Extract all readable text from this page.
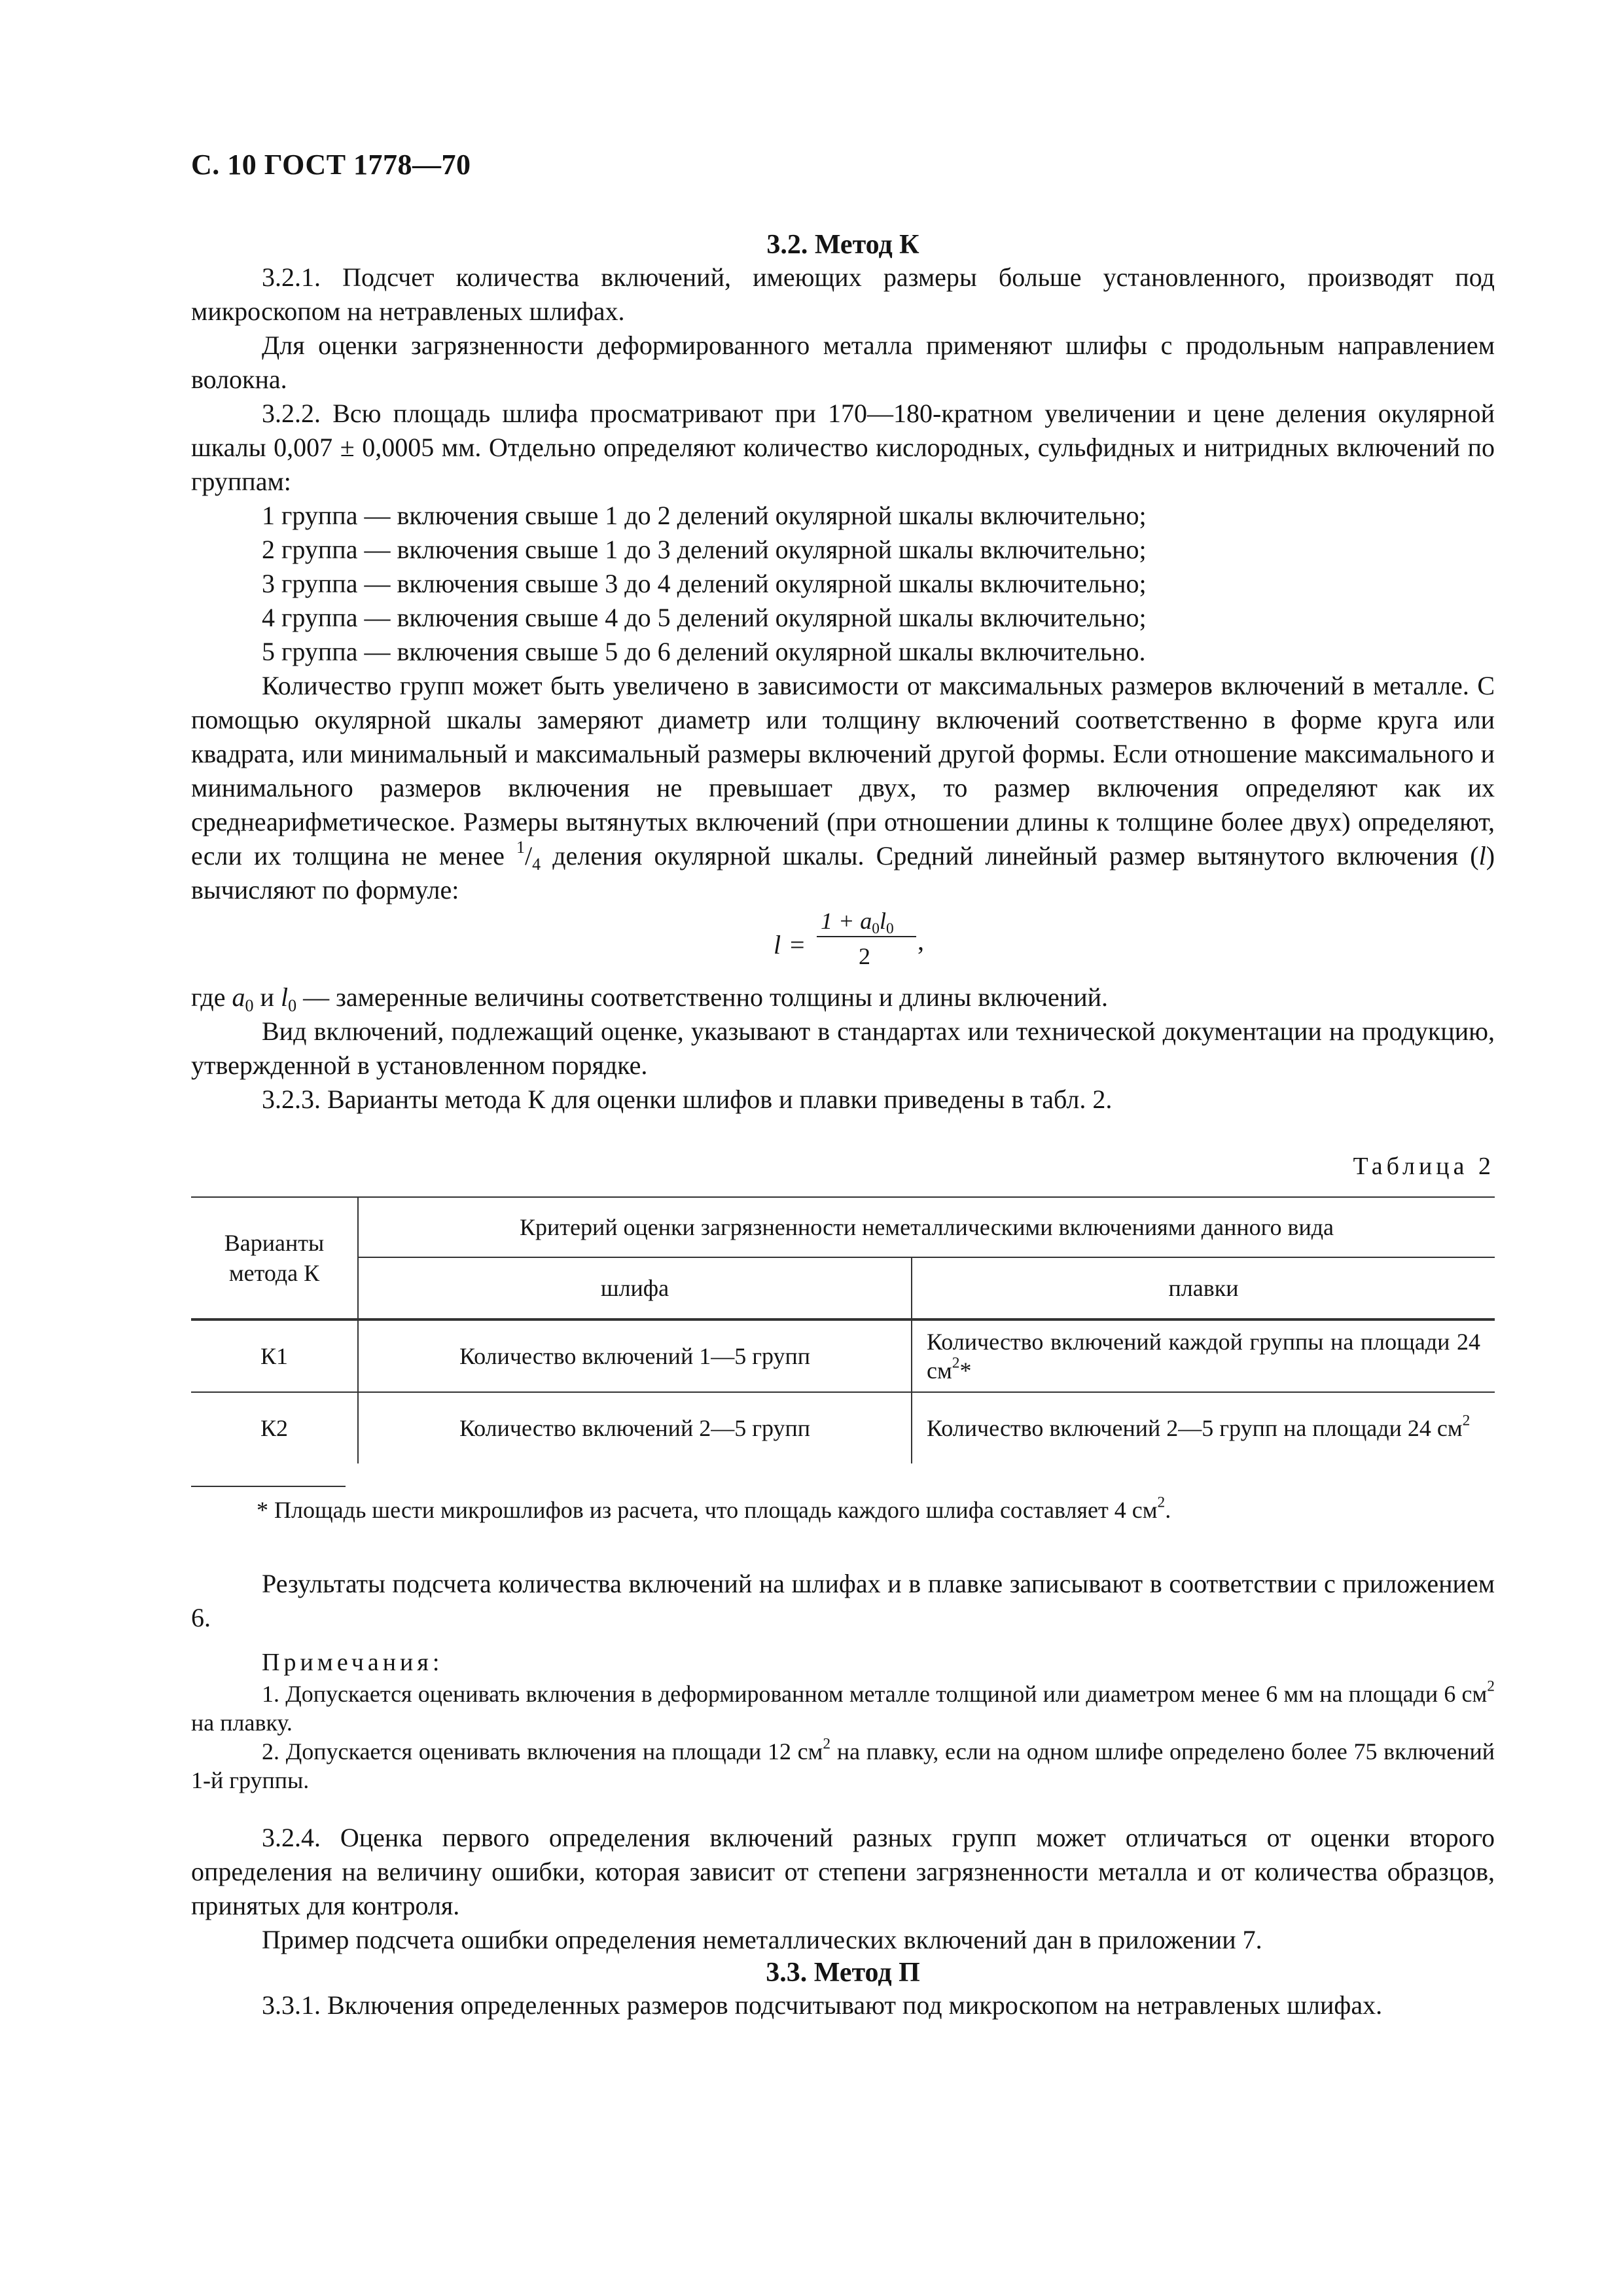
С. 10 ГОСТ 1778—70
3.2. Метод К

3.2.1. Подсчет количества включений, имеющих размеры больше установленного, производят под микроскопом на нетравленых шлифах.

Для оценки загрязненности деформированного металла применяют шлифы с продольным направлением волокна.

3.2.2. Всю площадь шлифа просматривают при 170—180-кратном увеличении и цене деления окулярной шкалы 0,007 ± 0,0005 мм. Отдельно определяют количество кислородных, сульфидных и нитридных включений по группам:

1 группа — включения свыше 1 до 2 делений окулярной шкалы включительно;

2 группа — включения свыше 1 до 3 делений окулярной шкалы включительно;

3 группа — включения свыше 3 до 4 делений окулярной шкалы включительно;

4 группа — включения свыше 4 до 5 делений окулярной шкалы включительно;

5 группа — включения свыше 5 до 6 делений окулярной шкалы включительно.

Количество групп может быть увеличено в зависимости от максимальных размеров включений в металле. С помощью окулярной шкалы замеряют диаметр или толщину включений соответственно в форме круга или квадрата, или минимальный и максимальный размеры включений другой формы. Если отношение максимального и минимального размеров включения не превышает двух, то размер включения определяют как их среднеарифметическое. Размеры вытянутых включений (при отношении длины к толщине более двух) определяют, если их толщина не менее $^1/_4$ деления окулярной шкалы. Средний линейный размер вытянутого включения (l) вычисляют по формуле:

l =
$1 + a_0l_0$
2
,

где $a_0$ и $l_0$ — замеренные величины соответственно толщины и длины включений.

Вид включений, подлежащий оценке, указывают в стандартах или технической документации на продукцию, утвержденной в установленном порядке.

3.2.3. Варианты метода К для оценки шлифов и плавки приведены в табл. 2.

Таблица 2
Варианты метода К	Критерий оценки загрязненности неметаллическими включениями данного вида	
	шлифа	плавки
К1	Количество включений 1—5 групп	Количество включений каждой группы на площади 24 $см^2*$
К2	Количество включений 2—5 групп	Количество включений 2—5 групп на площади 24 $см^2$
* Площадь шести микрошлифов из расчета, что площадь каждого шлифа составляет 4 $см^2$.

Результаты подсчета количества включений на шлифах и в плавке записывают в соответствии с приложением 6.

Примечания:

1. Допускается оценивать включения в деформированном металле толщиной или диаметром менее 6 мм на площади 6 $см^2$ на плавку.

2. Допускается оценивать включения на площади 12 $см^2$ на плавку, если на одном шлифе определено более 75 включений 1-й группы.

3.2.4. Оценка первого определения включений разных групп может отличаться от оценки второго определения на величину ошибки, которая зависит от степени загрязненности металла и от количества образцов, принятых для контроля.

Пример подсчета ошибки определения неметаллических включений дан в приложении 7.

3.3. Метод П

3.3.1. Включения определенных размеров подсчитывают под микроскопом на нетравленых шлифах.
